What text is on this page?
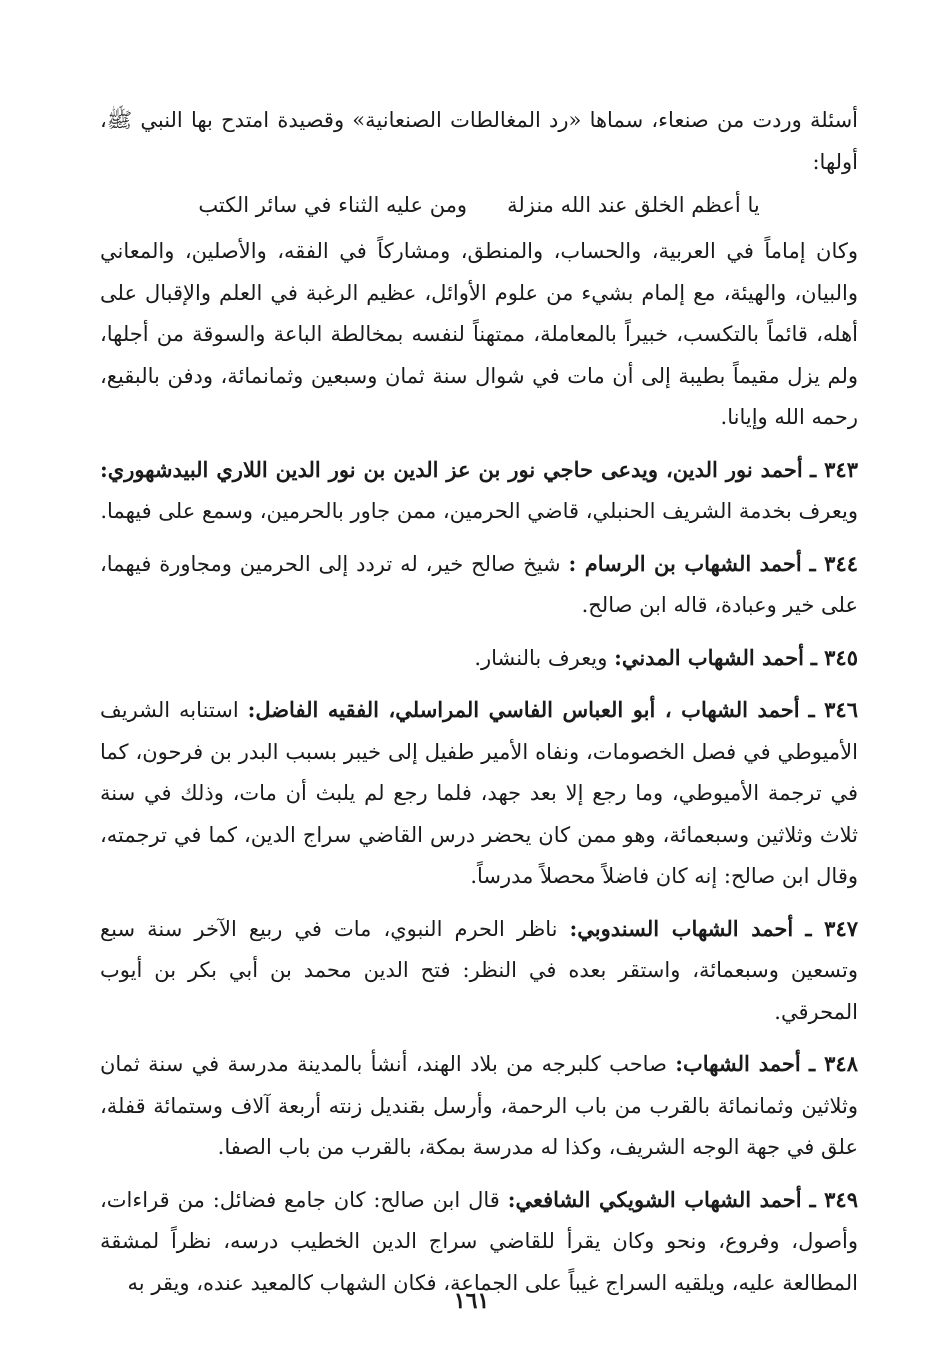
أسئلة وردت من صنعاء، سماها «رد المغالطات الصنعانية» وقصيدة امتدح بها النبي ﷺ، أولها:

يا أعظم الخلق عند الله منزلة
ومن عليه الثناء في سائر الكتب

وكان إماماً في العربية، والحساب، والمنطق، ومشاركاً في الفقه، والأصلين، والمعاني والبيان، والهيئة، مع إلمام بشيء من علوم الأوائل، عظيم الرغبة في العلم والإقبال على أهله، قائماً بالتكسب، خبيراً بالمعاملة، ممتهناً لنفسه بمخالطة الباعة والسوقة من أجلها، ولم يزل مقيماً بطيبة إلى أن مات في شوال سنة ثمان وسبعين وثمانمائة، ودفن بالبقيع، رحمه الله وإيانا.

٣٤٣ ـ أحمد نور الدين، ويدعى حاجي نور بن عز الدين بن نور الدين اللاري البيدشهوري: ويعرف بخدمة الشريف الحنبلي، قاضي الحرمين، ممن جاور بالحرمين، وسمع على فيهما.

٣٤٤ ـ أحمد الشهاب بن الرسام : شيخ صالح خير، له تردد إلى الحرمين ومجاورة فيهما، على خير وعبادة، قاله ابن صالح.

٣٤٥ ـ أحمد الشهاب المدني: ويعرف بالنشار.

٣٤٦ ـ أحمد الشهاب ، أبو العباس الفاسي المراسلي، الفقيه الفاضل: استنابه الشريف الأميوطي في فصل الخصومات، ونفاه الأمير طفيل إلى خيبر بسبب البدر بن فرحون، كما في ترجمة الأميوطي، وما رجع إلا بعد جهد، فلما رجع لم يلبث أن مات، وذلك في سنة ثلاث وثلاثين وسبعمائة، وهو ممن كان يحضر درس القاضي سراج الدين، كما في ترجمته، وقال ابن صالح: إنه كان فاضلاً محصلاً مدرساً.

٣٤٧ ـ أحمد الشهاب السندوبي: ناظر الحرم النبوي، مات في ربيع الآخر سنة سبع وتسعين وسبعمائة، واستقر بعده في النظر: فتح الدين محمد بن أبي بكر بن أيوب المحرقي.

٣٤٨ ـ أحمد الشهاب: صاحب كلبرجه من بلاد الهند، أنشأ بالمدينة مدرسة في سنة ثمان وثلاثين وثمانمائة بالقرب من باب الرحمة، وأرسل بقنديل زنته أربعة آلاف وستمائة قفلة، علق في جهة الوجه الشريف، وكذا له مدرسة بمكة، بالقرب من باب الصفا.

٣٤٩ ـ أحمد الشهاب الشويكي الشافعي: قال ابن صالح: كان جامع فضائل: من قراءات، وأصول، وفروع، ونحو وكان يقرأ للقاضي سراج الدين الخطيب درسه، نظراً لمشقة المطالعة عليه، ويلقيه السراج غيباً على الجماعة، فكان الشهاب كالمعيد عنده، ويقر به

١٦١
